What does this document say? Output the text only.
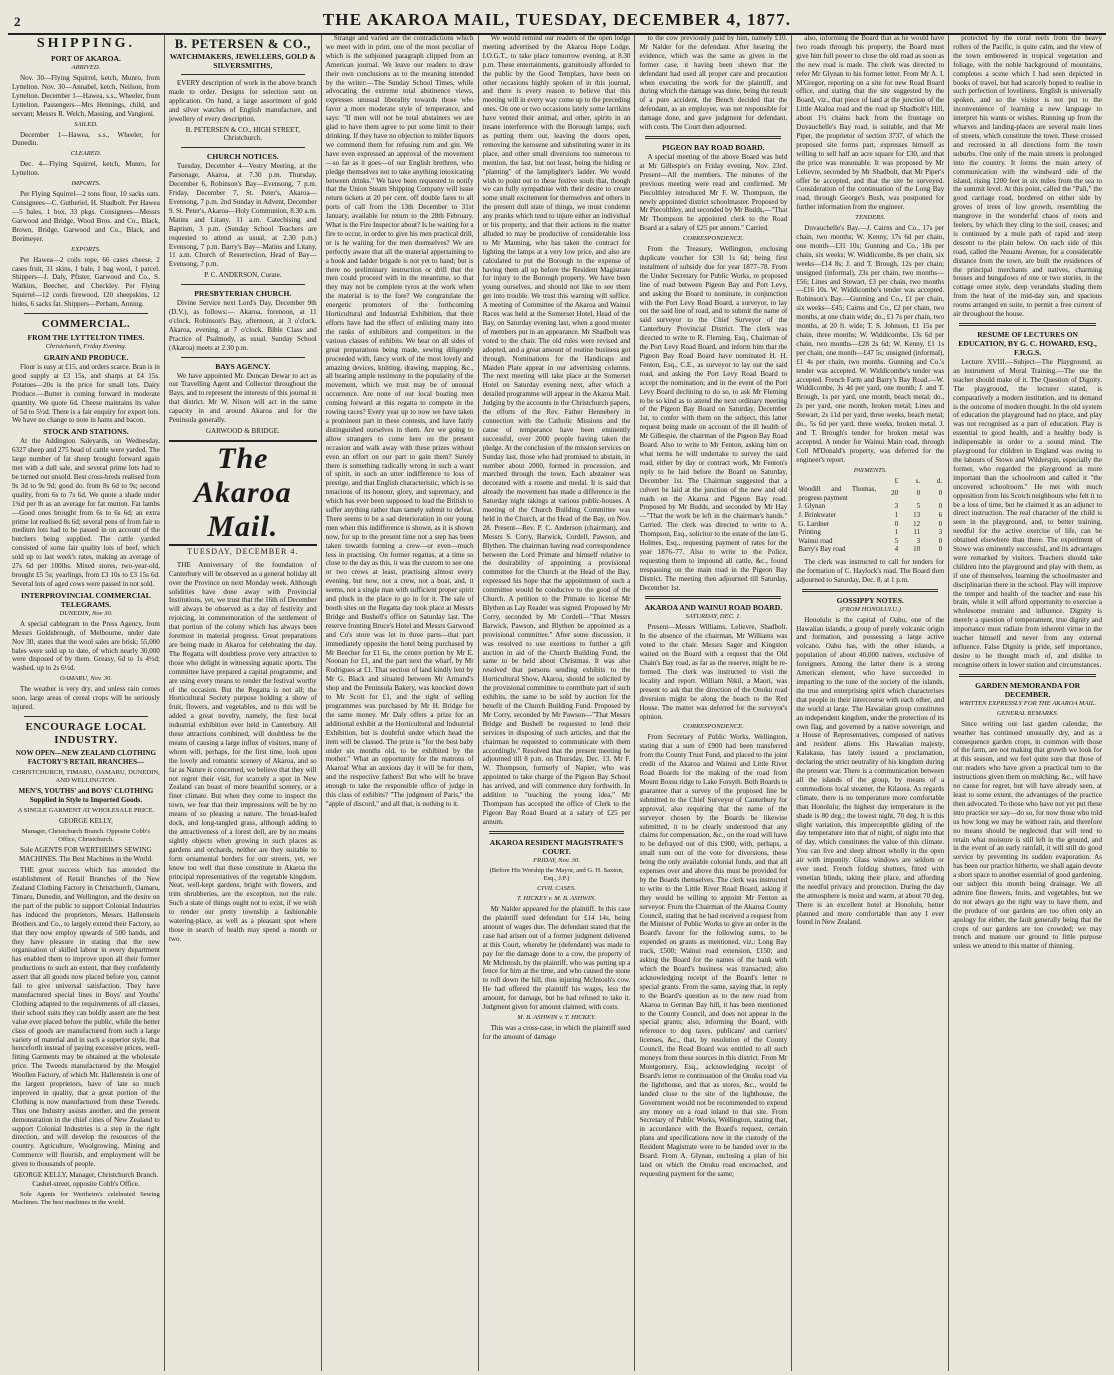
2	THE AKAROA MAIL, TUESDAY, DECEMBER 4, 1877.
SHIPPING.
PORT OF AKAROA.
ARRIVED.

Nov. 30—Flying Squirrel, ketch, Munro, from Lyttelton. Nov. 30—Annabel, ketch, Neilson, from Lyttelton. December 1—Hawea, s.s., Wheeler, from Lyttelton. Passengers—Mrs Hennings, child, and servant; Messrs R. Welch, Massing, and Vangioni.

SAILED.

December 1—Hawea, s.s., Wheeler, for Dunedin.

CLEARED.

Dec. 4—Flying Squirrel, ketch, Munro, for Lyttelton.

IMPORTS.

Per Flying Squirrel—2 tons flour, 10 sacks oats. Consignees—C. Gutheriel, H. Shadbolt. Per Hawea—5 bales, 1 box, 33 pkgs. Consignees—Messrs Garwood and Bridge, Wood Bros. and Co., Black, Brown, Bridge, Garwood and Co., Black, and Breimeyer.

EXPORTS.

Per Hawea—2 coils rope, 66 cases cheese, 2 cases fruit, 31 skins, 1 bale, 1 bag wool, 1 parcel. Shippers—J. Daly, Pfister, Garwood and Co., S. Watkins, Beecher, and Checkley. Per Flying Squirrel—12 cords firewood, 120 sheepskins, 12 hides, 6 sacks fat. Shippers—Perham, Anning.

COMMERCIAL.
FROM THE LYTTELTON TIMES.
Christchurch, Friday Evening.
GRAIN AND PRODUCE.

Flour is easy at £15, and orders scarce. Bran is in good supply at £3 15s, and sharps at £4 15s. Potatoes—20s is the price for small lots. Dairy Produce.—Butter is coming forward in moderate quantity. We quote 6d. Cheese maintains its value of 5d to 5½d. There is a fair enquiry for export lots. We have no change to note in hams and bacon.

STOCK AND STATIONS.

At the Addington Saleyards, on Wednesday, 6327 sheep and 275 head of cattle were yarded. The large number of fat sheep brought forward again met with a dull sale, and several prime lots had to be turned out unsold. Best cross-breds realised from 9s 3d to 9s 9d; good do. from 8s 6d to 9s; second quality, from 6s to 7s 6d. We quote a shade under 1¾d per lb as an average for fat mutton. Fat lambs—Good ones brought from 6s to 6s 6d; an extra prime lot realised 8s 6d; several pens of from fair to medium lots had to be passed in on account of the butchers being supplied. The cattle yarded consisted of some fair quality lots of beef, which sold up to last week's rates, making an average of 27s 6d per 100lbs. Mixed stores, two-year-old, brought £5 5s; yearlings, from £3 10s to £3 15s 6d. Several lots of aged cows were passed in not sold.

INTERPROVINCIAL COMMERCIAL TELEGRAMS.
DUNEDIN, Nov 30.

A special cablegram to the Press Agency, from Messrs Goldsbrough, of Melbourne, under date Nov 30, states that the wool sales are brisk; 55,000 bales were sold up to date, of which nearly 30,000 were disposed of by them. Greasy, 6d to 1s 4½d; washed, up to 2s 6½d.

OAMARU, Nov. 30.

The weather is very dry, and unless rain comes soon, large areas of cereal crops will be seriously injured.

ENCOURAGE LOCAL INDUSTRY.

NOW OPEN—NEW ZEALAND CLOTHING FACTORY'S RETAIL BRANCHES—

CHRISTCHURCH, TIMARU, OAMARU, DUNEDIN, AND WELLINGTON.

MEN'S, YOUTHS' and BOYS' CLOTHING Supplied in Style to Imported Goods.

A SINGLE GARMENT AT WHOLESALE PRICE.

GEORGE KELLY,

Manager, Christchurch Branch. Opposite Cobb's Office, Christchurch.

Sole AGENTS FOR WERTHEIM'S SEWING MACHINES. The Best Machines in the World.

THE great success which has attended the establishment of Retail Branches of the New Zealand Clothing Factory in Christchurch, Oamaru, Timaru, Dunedin, and Wellington, and the desire on the part of the public to support Colonial Industries has induced the proprietors, Messrs. Hallenstein Brothers and Co., to largely extend their Factory, so that they now employ upwards of 500 hands, and they have pleasure in stating that the new organisation of skilled labour in every department has enabled them to improve upon all their former productions to such an extent, that they confidently assert that all goods now placed before you, cannot fail to give universal satisfaction. They have manufactured special lines in Boys' and Youths' Clothing adapted to the requirements of all classes, their school suits they can boldly assert are the best value ever placed before the public, while the better class of goods are manufactured from such a large variety of material and in such a superior style, that henceforth instead of paying excessive prices, well-fitting Garments may be obtained at the wholesale price. The Tweeds manufactured by the Mosgiel Woollen Factory, of which Mr. Hallenstein is one of the largest proprietors, have of late so much improved in quality, that a great portion of the Clothing is now manufactured from these Tweeds. Thus one Industry assists another, and the present demonstration in the chief cities of New Zealand to support Colonial Industries is a step in the right direction, and will develop the resources of the country. Agriculture, Woolgrowing, Mining and Commerce will flourish, and employment will be given to thousands of people.

GEORGE KELLY, Manager, Christchurch Branch. Cashel-street, opposite Cobb's Office.

Sole Agents for Wertheim's celebrated Sewing Machines. The best machines in the world.

B. PETERSEN & CO.,
WATCHMAKERS, JEWELLERS, GOLD & SILVERSMITHS,

EVERY description of work in the above branch made to order. Designs for selection sent on application. On hand, a large assortment of gold and silver watches of English manufacture, and jewellery of every description.

B. PETERSEN & CO., HIGH STREET, Christchurch.

CHURCH NOTICES.

Tuesday, December 4—Vestry Meeting, at the Parsonage, Akaroa, at 7.30 p.m. Thursday, December 6, Robinson's Bay—Evensong, 7 p.m. Friday, December 7, St. Peter's, Akaroa—Evensong, 7 p.m. 2nd Sunday in Advent, December 9. St. Peter's, Akaroa—Holy Communion, 8.30 a.m. Matins and Litany, 11 a.m. Catechising and Baptism, 3 p.m. (Sunday School Teachers are requested to attend as usual, at 2.30 p.m.) Evensong, 7 p.m. Barry's Bay—Matins and Litany, 11 a.m. Church of Resurrection, Head of Bay—Evensong, 7 p.m.

P. C. ANDERSON, Curate.

PRESBYTERIAN CHURCH.

Divine Service next Lord's Day, December 9th (D.V.), as follows:— Akaroa, forenoon, at 11 o'clock. Robinson's Bay, afternoon, at 3 o'clock. Akaroa, evening, at 7 o'clock. Bible Class and Practice of Psalmody, as usual. Sunday School (Akaroa) meets at 2.30 p.m.

BAYS AGENCY.

We have appointed Mr. Duncan Dewar to act as our Travelling Agent and Collector throughout the Bays, and to represent the interests of this journal in that district. Mr W. Nixon will act in the same capacity in and around Akaroa and for the Peninsula generally.

GARWOOD & BRIDGE.

The Akaroa Mail.
TUESDAY, DECEMBER 4.

THE Anniversary of the foundation of Canterbury will be observed as a general holiday all over the Province on next Monday week. Although solidities have done away with Provincial Institutions, yet, we trust that the 16th of December will always be observed as a day of festivity and rejoicing, in commemoration of the settlement of that portion of the colony which has always been foremost in material progress. Great preparations are being made in Akaroa for celebrating the day. The Regatta will doubtless prove very attractive to those who delight in witnessing aquatic sports. The committee have prepared a capital programme, and are using every means to render the festival worthy of the occasion. But the Regatta is not all; the Horticultural Society purpose holding a show of fruit, flowers, and vegetables, and to this will be added a great novelty, namely, the first local industrial exhibition ever held in Canterbury. All these attractions combined, will doubtless be the means of causing a large influx of visitors, many of whom will, perhaps, for the first time, look upon the lovely and romantic scenery of Akaroa, and so far as Nature is concerned, we believe that they will not regret their visit, for scarcely a spot in New Zealand can boast of more beautiful scenery, or a finer climate. But when they come to inspect the town, we fear that their impressions will be by no means of so pleasing a nature. The broad-leafed dock, and long-tangled grass, although adding to the attractiveness of a forest dell, are by no means sightly objects when growing in such places as gardens and orchards, neither are they suitable to form ornamental borders for our streets, yet, we know too well that these constitute in Akaroa the principal representatives of the vegetable kingdom. Neat, well-kept gardens, bright with flowers, and trim shrubberies, are the exception, not the rule. Such a state of things ought not to exist, if we wish to render our pretty township a fashionable watering-place, as well as a pleasant spot where those in search of health may spend a month or two.

Strange and varied are the contradictions which we meet with in print, one of the most peculiar of which is the subjoined paragraph clipped from an American journal. We leave our readers to draw their own conclusions as to the meaning intended by the writer:—The Sunday School Times, while advocating the extreme total abstinence views, expresses unusual liberality towards those who favor a more moderate style of temperance, and says: "If men will not be total abstainers we are glad to have them agree to put some limit to their drinking. If they have no objection to milder liquors we commend them for refusing rum and gin. We have even expressed an approval of the movement—so far as it goes—of our English brethren, who pledge themselves not to take anything intoxicating between drinks." We have been requested to notify that the Union Steam Shipping Company will issue return tickets at 20 per cent. off double fares to all ports of call from the 13th December to 31st January, available for return to the 28th February. What is the Fire Inspector about? Is he waiting for a fire to occur, in order to give his men practical drill, or is he waiting for the men themselves? We are perfectly aware that all the material appertaining to a hook and ladder brigade is not yet to hand; but is there no preliminary instruction or drill that the men could proceed with in the meantime, so that they may not be complete tyros at the work when the material is to the fore? We congratulate the energetic promoters of the forthcoming Horticultural and Industrial Exhibition, that their efforts have had the effect of enlisting many into the ranks of exhibitors and competitors in the various classes of exhibits. We hear on all sides of great preparations being made, sewing diligently proceeded with, fancy work of the most lovely and amazing devices, knitting, drawing, mapping, &c., all bearing ample testimony to the popularity of the movement, which we trust may be of unusual occurrence. Are none of our local boating men coming forward at this regatta to compete in the rowing races? Every year up to now we have taken a prominent part in these contests, and have fairly distinguished ourselves in them. Are we going to allow strangers to come here on the present occasion and walk away with these prizes without even an effort on our part to gain them? Surely there is something radically wrong in such a want of spirit, in such an utter indifference to loss of prestige, and that English characteristic, which is so tenacious of its honour, glory, and supremacy, and which has ever been supposed to lead the British to suffer anything rather than tamely submit to defeat. There seems to be a sad deterioration in our young men when this indifference is shown, as it is shown now, for up to the present time not a step has been taken towards forming a crew—or even—much less in practising. On former regattas, at a time so close to the day as this, it was the custom to see one or two crews at least, practising almost every evening, but now, not a crew, not a boat, and, it seems, not a single man with sufficient proper spirit and pluck in the place to go in for it. The sale of booth sites on the Regatta day took place at Messrs Bridge and Bushell's office on Saturday last. The reserve fronting Bruce's Hotel and Messrs Garwood and Co's store was let in three parts—that part immediately opposite the hotel being purchased by Mr Beecher for £1 6s, the centre portion by Mr E. Noonan for £1, and the part next the wharf, by Mr Rodrigues at £1. That section of land kindly lent by Mr G. Black and situated between Mr Armand's shop and the Peninsula Bakery, was knocked down to Mr Scott for £1, and the right of selling programmes was purchased by Mr H. Bridge for the same money. Mr Daly offers a prize for an additional exhibit at the Horticultural and Industrial Exhibition, but is doubtful under which head the item will be classed. The prize is "for the best baby under six months old, to be exhibited by the mother." What an opportunity for the matrons of Akaroa! What an anxious day it will be for them, and the respective fathers! But who will be brave enough to take the responsible office of judge in this class of exhibits? "The judgment of Paris," the "apple of discord," and all that, is nothing to it.

We would remind our readers of the open lodge meeting advertised by the Akaroa Hope Lodge, I.O.G.T., to take place tomorrow evening, at 8.30 p.m. These entertainments, gratuitously afforded to the public by the Good Templars, have been on other occasions highly spoken of in this journal, and there is every reason to believe that this meeting will in every way come up to the preceding ones. On one or two occasions lately some larrikins have vented their animal, and other, spirits in an insane interference with the Borough lamps; such as putting them out, leaving the doors open, removing the kerosene and substituting water in its place, and other small diversions too numerous to mention, the last, but not least, being the hiding or "planting" of the lamplighter's ladder. We would wish to point out to these festive souls that, though we can fully sympathise with their desire to create some small excitement for themselves and others in the present dull state of things, we must condemn any pranks which tend to injure either an individual or his property, and that their actions in the matter alluded to may be productive of considerable loss to Mr Manning, who has taken the contract for lighting the lamps at a very low price, and also are calculated to put the Borough to the expense of having them all up before the Resident Magistrate for injury to the Borough property. We have been young ourselves, and should not like to see them get into trouble. We trust this warning will suffice. A meeting of Committee of the Akaroa and Wainui Races was held at the Somerset Hotel, Head of the Bay, on Saturday evening last, when a good muster of members put in an appearance. Mr Shadbolt was voted to the chair. The old rules were revised and adopted, and a great amount of routine business got through. Nominations for the Handicaps and Maiden Plate appear in our advertising columns. The next meeting will take place at the Somerset Hotel on Saturday evening next, after which a detailed programme will appear in the Akaroa Mail. Judging by the accounts in the Christchurch papers, the efforts of the Rev. Father Hennebery in connection with the Catholic Missions and the cause of temperance have been eminently successful, over 2000 people having taken the pledge. At the conclusion of the mission services on Sunday last, those who had promised to abstain, in number about 2000, formed in procession, and marched through the town. Each abstainer was decorated with a rosette and medal. It is said that already the movement has made a difference in the Saturday night takings at various public-houses. A meeting of the Church Building Committee was held in the Church, at the Head of the Bay, on Nov. 28. Present—Rev. P. C. Anderson (chairman), and Messrs S. Corry, Barwick, Cordell, Pawson, and Blythen. The chairman having read correspondence between the Lord Primate and himself relative to the desirability of appointing a provisional committee for the Church at the Head of the Bay, expressed his hope that the appointment of such a committee would be conducive to the good of the Church. A petition to the Primate to license Mr Blythen as Lay Reader was signed. Proposed by Mr Corry, seconded by Mr Cordell—"That Messrs Barwick, Pawson, and Blythen be appointed as a provisional committee." After some discussion, it was resolved to use exertions to further a gift auction in aid of the Church Building Fund, the same to be held about Christmas. It was also resolved that persons sending exhibits to the Horticultural Show, Akaroa, should be solicited by the provisional committee to contribute part of such exhibits, the same to be sold by auction for the benefit of the Church Building Fund. Proposed by Mr Corry, seconded by Mr Pawson—"That Messrs Bridge and Bushell be requested to lend their services in disposing of such articles, and that the chairman be requested to communicate with them accordingly." Resolved that the present meeting be adjourned till 8 p.m. on Thursday, Dec. 13. Mr F. W. Thompson, formerly of Napier, who was appointed to take charge of the Pigeon Bay School has arrived, and will commence duty forthwith. In addition to "teaching the young idea," Mr Thompson has accepted the office of Clerk to the Pigeon Bay Road Board at a salary of £25 per annum.

AKAROA RESIDENT MAGISTRATE'S COURT.
FRIDAY, Nov. 30.

(Before His Worship the Mayor, and G. H. Saxton, Esq., J.P.)

CIVIL CASES.
T. HICKEY v. M. B. ASHWIN.

Mr Nalder appeared for the plaintiff. In this case the plaintiff sued defendant for £14 14s, being amount of wages due. The defendant stated that the case had arisen out of a former judgment delivered at this Court, whereby he (defendant) was made to pay for the damage done to a cow, the property of Mr McIntosh, by the plaintiff, who was putting up a fence for him at the time, and who caused the stone to roll down the hill, thus injuring McIntosh's cow. He had offered the plaintiff his wages, less the amount, for damage, but he had refused to take it. Judgment given for amount claimed, with costs.

M. B. ASHWIN v. T. HICKEY.

This was a cross-case, in which the plaintiff sued for the amount of damage

to the cow previously paid by him, namely £10. Mr Nalder for the defendant. After hearing the evidence, which was the same as given in the former case, it having been shewn that the defendant had used all proper care and precaution when executing the work for the plaintiff, and during which the damage was done, being the result of a pure accident, the Bench decided that the defendant, as an employee, was not responsible for damage done, and gave judgment for defendant, with costs. The Court then adjourned.

PIGEON BAY ROAD BOARD.

A special meeting of the above Board was held at Mr Gillespie's on Friday evening, Nov. 23rd. Present—All the members. The minutes of the previous meeting were read and confirmed. Mr Piecolthley introduced Mr F. W. Thompson, the newly appointed district schoolmaster. Proposed by Mr Piecolthley, and seconded by Mr Budds,—"That Mr Thompson be appointed clerk to the Road Board at a salary of £25 per annum." Carried.

CORRESPONDENCE.

From the Treasury, Wellington, enclosing duplicate voucher for £30 1s 6d; being first instalment of subsidy due for year 1877–78. From the Under Secretary for Public Works, re proposed line of road between Pigeon Bay and Port Levy, and asking the Board to nominate, in conjunction with the Port Levy Road Board, a surveyor, to lay out the said line of road, and to submit the name of said surveyor to the Chief Surveyor of the Canterbury Provincial District. The clerk was directed to write to R. Fleming, Esq., Chairman of the Port Levy Road Board, and inform him that the Pigeon Bay Road Board have nominated H. H. Fenton, Esq., C.E., as surveyor to lay out the said road, and asking the Port Levy Road Board to accept the nomination; and in the event of the Port Levy Board declining to do so, to ask Mr Fleming to be so kind as to attend the next ordinary meeting of the Pigeon Bay Board on Saturday, December 1st, to confer with them on the subject, this latter request being made on account of the ill health of Mr Gillespie, the chairman of the Pigeon Bay Road Board. Also to write to Mr Fenton, asking him on what terms he will undertake to survey the said road, either by day or contract work, Mr Fenton's reply to be laid before the Board on Saturday, December 1st. The Chairman suggested that a culvert be laid at the junction of the new and old roads on the Akaroa and Pigeon Bay road. Proposed by Mr Budds, and seconded by Mr Hay—"That the work be left in the chairman's hands." Carried. The clerk was directed to write to A. Thompson, Esq., solicitor to the estate of the late G. Holmes, Esq., requesting payment of rates for the year 1876–77. Also to write to the Police, requesting them to impound all cattle, &c., found trespassing on the main road in the Pigeon Bay District. The meeting then adjourned till Saturday, December 1st.

AKAROA AND WAINUI ROAD BOARD.
SATURDAY, DEC. 1.

Present—Messrs Williams, Lelievre, Shadbolt. In the absence of the chairman, Mr Williams was voted to the chair. Messrs Sager and Kingston waited on the Board with a request that the Old Chain's Bay road, as far as the reserve, might be re-formed. The clerk was instructed to visit the locality and report. William Nikil, a Maori, was present to ask that the direction of the Onuku road diversion might be along the beach to the Red House. The matter was deferred for the surveyor's opinion.

CORRESPONDENCE.

From Secretary of Public Works, Wellington, stating that a sum of £900 had been transferred from the County Trust Fund, and placed to the joint credit of the Akaroa and Wainui and Little River Road Boards for the making of the road from Mount Bossu ridge to Lake Forsyth. Both Boards to guarantee that a survey of the proposed line be submitted to the Chief Surveyor of Canterbury for approval, also requiring that the name of the surveyor chosen by the Boards be likewise submitted, it to be clearly understood that any claims for compensation, &c., on the road will have to be defrayed out of this £900, with, perhaps, a small sum out of the vote for diversions, these being the only available colonial funds, and that all expenses over and above this must be provided for by the Boards themselves. The clerk was instructed to write to the Little River Road Board, asking if they would be willing to appoint Mr Fenton as surveyor. From the Chairman of the Akaroa County Council, stating that he had received a request from the Minister of Public Works to give an order in the Board's favour for the following sums, to be expended on grants as mentioned, viz.: Long Bay track, £500; Wainui road extension, £150; and asking the Board for the names of the bank with which the Board's business was transacted; also acknowledging receipt of the Board's letter re special grants. From the same, saying that, in reply to the Board's question as to the new road from Akaroa to German Bay hill, it has been mentioned to the County Council, and does not appear in the special grants; also, informing the Board, with reference to dog taxes, publicans' and carriers' licenses, &c., that, by resolution of the County Council, the Road Board was entitled to all such moneys from these sources in this district. From Mr Montgomery, Esq., acknowledging receipt of Board's letter re continuation of the Onuku road via the lighthouse, and that as stores, &c., would be landed close to the site of the lighthouse, the Government would not be recommended to expend any money on a road inland to that site. From Secretary of Public Works, Wellington, stating that, in accordance with the Board's request, certain plans and specifications now in the custody of the Resident Magistrate were to be handed over to the Board. From A. Glynan, enclosing a plan of his land on which the Onuku road encroached, and requesting payment for the same;

also, informing the Board that as he would have two roads through his property, the Board must give him full power to close the old road as soon as the new road is made. The clerk was directed to refer Mr Glynan to his former letter. From Mr A. I. M'Gregor, reporting on a site for new Road Board office, and stating that the site suggested by the Board, viz., that piece of land at the junction of the Little Akaloa road and the road up Shadbolt's Hill, about 1½ chains back from the frontage on Duvauchelle's Bay road, is suitable, and that Mr Piper, the proprietor of section 3737, of which the proposed site forms part, expresses himself as willing to sell half an acre square for £30, and that the price was reasonable. It was proposed by Mr Lelievre, seconded by Mr Shadbolt, that Mr Piper's offer be accepted, and that the site be surveyed. Consideration of the continuation of the Long Bay road, through George's Bush, was postponed for further information from the engineer.

TENDERS.

Duvauchelle's Bay.—J. Cairns and Co., 17s per chain, two months; W. Kenny, 17s 6d per chain, one month—£31 10s; Gunning and Co., 18s per chain, six weeks; W. Widdicombe, 8s per chain, six weeks—£14 8s; J. and T. Brough, 12s per chain; unsigned (informal), 23s per chain, two months—£56; Lines and Stewart, £3 per chain, two months—£16 10s. W. Widdicombe's tender was accepted. Robinson's Bay.—Gunning and Co., £1 per chain, six weeks—£45; Cairns and Co., £2 per chain, two months, at one chain wide; do., £1 7s per chain, two months, at 20 ft. wide; T. S. Johnson, £1 15s per chain, three months; W. Widdicombe, 13s 6d per chain, two months—£28 2s 6d; W. Kenny, £1 1s per chain, one month—£47 5s; unsigned (informal), £1 4s per chain, two months. Gunning and Co.'s tender was accepted. W. Widdicombe's tender was accepted. French Farm and Barry's Bay Road.—W. Widdicombe, 3s 4d per yard, one month; J. and T. Brough, 1s per yard, one month, beach metal; do., 2s per yard, one month, broken metal; Lines and Stewart, 2s 11d per yard, three weeks, beach metal; do., 5s 6d per yard, three weeks, broken metal. J. and T. Brough's tender for broken metal was accepted. A tender for Wainui Main road, through Coll M'Donald's property, was deferred for the engineer's report.

PAYMENTS.
	£	s.	d.
Woodill and Thomas, progress payment	20	0	0
J. Glynan	3	5	0
J. Brinkwater	1	13	6
G. Lardner	0	12	0
Printing	1	11	3
Wainui road	5	3	0
Barry's Bay road	4	10	0

The clerk was instructed to call for tenders for the formation of C. Haylock's road. The Board then adjourned to Saturday, Dec. 8, at 1 p.m.

GOSSIPPY NOTES.
(FROM HONOLULU.)

Honolulu is the capital of Oahu, one of the Hawaiian islands, a group of purely volcanic origin and formation, and possessing a large active volcano. Oahu has, with the other islands, a population of about 40,000 natives, exclusive of foreigners. Among the latter there is a strong American element, who have succeeded in imparting to the tone of the society of the islands, the true and enterprising spirit which characterises that people in their intercourse with each other, and the world at large. The Hawaiian group constitutes an independent kingdom, under the protection of its own flag, and governed by a native sovereign, and a House of Representatives, composed of natives and resident aliens. His Hawaiian majesty, Kalakaua, has lately issued a proclamation, declaring the strict neutrality of his kingdom during the present war. There is a communication between all the islands of the group, by means of a commodious local steamer, the Kilauea. As regards climate, there is no temperature more comfortable than Honolulu; the highest day temperature in the shade is 80 deg.; the lowest night, 70 deg. It is this slight variation, this imperceptible gliding of the day temperature into that of night, of night into that of day, which constitutes the value of this climate. You can live and sleep almost wholly in the open air with impunity. Glass windows are seldom or ever used. French folding shutters, fitted with venetian blinds, taking their place, and affording the needful privacy and protection. During the day the atmosphere is moist and warm, at about 70 deg. There is an excellent hotel at Honolulu, better planned and more comfortable than any I ever found in New Zealand.

protected by the coral reefs from the heavy rollers of the Pacific, is quite calm, and the view of the town embowered in tropical vegetation and foliage, with the noble background of mountains, completes a scene which I had seen depicted in books of travel, but had scarcely hoped to realise in such perfection of loveliness. English is universally spoken, and so the visitor is not put to the inconvenience of learning a new language to interpret his wants or wishes. Running up from the wharves and landing-places are several main lines of streets, which constitute the town. These crossed and recrossed in all directions form the town suburbs. One only of the main streets is prolonged into the country. It forms the main artery of communication with the windward side of the island, rising 1200 feet in six miles from the sea to the summit level. At this point, called the "Pali," the good carriage road, bordered on either side by groves of trees of low growth, resembling the mangrove in the wonderful chaos of roots and feelers, by which they cling to the soil, ceases; and is continued by a mule path of rapid and steep descent to the plain below. On each side of this road, called the Nuuanu Avenue, for a considerable distance from the town, are built the residences of the principal merchants and natives, charming houses and bungalows of one or two stories, in the cottage ornee style, deep verandahs shading them from the heat of the mid-day sun, and spacious rooms arranged en suite, to permit a free current of air throughout the house.

RESUME OF LECTURES ON EDUCATION, BY G. C. HOWARD, ESQ., F.R.G.S.

Lecture XVIII.—Subject—The Playground, as an instrument of Moral Training.—The use the teacher should make of it. The Question of Dignity. The playground, the lecturer stated, is comparatively a modern institution, and its demand is the outcome of modern thought. In the old system of education the playground had no place, and play was not recognised as a part of education. Play is essential to good health, and a healthy body is indispensable in order to a sound mind. The playground for children in England was owing to the labours of Stowe and Wilderspin, especially the former, who regarded the playground as more important than the schoolroom and called it "the uncovered schoolroom." He met with much opposition from his Scotch neighbours who felt it to be a loss of time, but he claimed it as an adjunct to direct instruction. The real character of the child is seen in the playground, and, to better training, needful for the active exercise of life, can be obtained elsewhere than there. The experiment of Stowe was eminently successful, and its advantages were remarked by visitors. Teachers should take children into the playground and play with them, as if one of themselves, learning the schoolmaster and disciplinarian there in the school. Play will improve the temper and health of the teacher and ease his brain, while it will afford opportunity to exercise a wholesome restraint and influence. Dignity is merely a question of temperament, true dignity and importance must radiate from inherent virtue in the teacher himself and never from any external influence. False Dignity is pride, self importance, desire to be thought much of, and dislike to recognise others in lower station and circumstances.

GARDEN MEMORANDA FOR DECEMBER.
WRITTEN EXPRESSLY FOR THE AKAROA MAIL.
GENERAL REMARKS.

Since writing our last garden calendar, the weather has continued unusually dry, and as a consequence garden crops, in common with those of the farm, are not making that growth we look for at this season, and we feel quite sure that those of our readers who have given a practical turn to the instructions given them on mulching, &c., will have no cause for regret, but will have already seen, at least to some extent, the advantages of the practice then advocated. To those who have not yet put these into practice we say—do so, for now those who told us how long we may be without rain, and therefore no means should be neglected that will tend to retain what moisture is still left in the ground, and in the event of an early rainfall, it will still do good service by preventing its sudden evaporation. As has been our practice hitherto, we shall again devote a short space to another essential of good gardening, our subject this month being drainage. We all admire fine flowers, fruits, and vegetables, but we do not always go the right way to have them, and the produce of our gardens are too often only an apology for either, the fault generally being that the crops of our gardens are too crowded; we may trench and manure our ground to little purpose unless we attend to this matter of thinning.
